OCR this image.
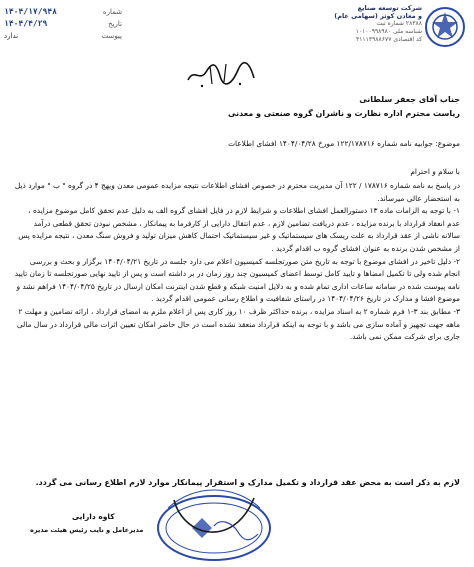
۱۴۰۴/۱۷/۹۴۸	شماره
۱۴۰۴/۴/۲۹	تاریخ
ندارد	پیوست
شرکت توسعه صنایع
و معادن کوثر (سهامی عام)
۲۸۳۸۸ شماره ثبت
شناسه ملی ۱۰۱۰۰۹۹۸۹۸۰
کد اقتصادی ۴۱۱۱۳۹۸۸۶۷۷
جناب آقای جعفر سلطانی
ریاست محترم اداره نظارت و ناشران گروه صنعتی و معدنی
موضوع: جوابیه نامه شماره ۱۲۲/۱۷۸۷۱۶ مورخ ۱۴۰۴/۰۴/۲۸ افشای اطلاعات
با سلام و احترام

در پاسخ به نامه شماره ۱۷۸۷۱۶ / ۱۲۲ آن مدیریت محترم در خصوص افشای اطلاعات نتیجه مزایده عمومی معدن ویهج ۴ در گروه " ب " موارد ذیل به استحضار عالی میرساند.

۱- با توجه به الزامات ماده ۱۳ دستورالعمل افشای اطلاعات و شرایط لازم در فایل افشای گروه الف به دلیل عدم تحقق کامل موضوع مزایده ، عدم انعقاد قرارداد با برنده مزایده ، عدم دریافت تضامین لازم ، عدم انتقال دارایی از کارفرما به پیمانکار ، مشخص نبودن تحقق قطعی درآمد سالانه ناشی از عقد قرارداد به علت ریسک های سیستماتیک و غیر سیستماتیک احتمال کاهش میزان تولید و فروش سنگ معدن ، نتیجه مزایده پس از مشخص شدن برنده به عنوان افشای گروه ب اقدام گردید .

۲- دلیل تاخیر در افشای موضوع با توجه به تاریخ متن صورتجلسه کمیسیون اعلام می دارد جلسه در تاریخ ۱۴۰۴/۰۴/۲۱ برگزار و بحث و بررسی انجام شده ولی تا تکمیل امضاها و تایید کامل توسط اعضای کمیسیون چند روز زمان در بر داشته است و پس از تایید نهایی صورتجلسه تا زمان تایید نامه پیوست شده در سامانه ساعات اداری تمام شده و به دلایل امنیت شبکه و قطع شدن اینترنت امکان ارسال در تاریخ ۱۴۰۴/۰۴/۲۵ فراهم نشد و موضوع افشا و مدارک در تاریخ ۱۴۰۴/۰۴/۲۶ در راستای شفافیت و اطلاع رسانی عمومی اقدام گردید .

۳- مطابق بند ۳-۱ فرم شماره ۲ به اسناد مزایده ، برنده حداکثر ظرف ۱۰ روز کاری پس از اعلام ملزم به امضای قرارداد ، ارائه تضامین و مهلت ۲ ماهه جهت تجهیز و آماده سازی می باشد و با توجه به اینکه قرارداد منعقد نشده است در حال حاضر امکان تعیین اثرات مالی قرارداد در سال مالی جاری برای شرکت ممکن نمی باشد.

لازم به ذکر است به محض عقد قرارداد و تکمیل مدارک و استقرار پیمانکار موارد لازم اطلاع رسانی می گردد.
کاوه دارایی
مدیرعامل و نایب رئیس هیئت مدیره
